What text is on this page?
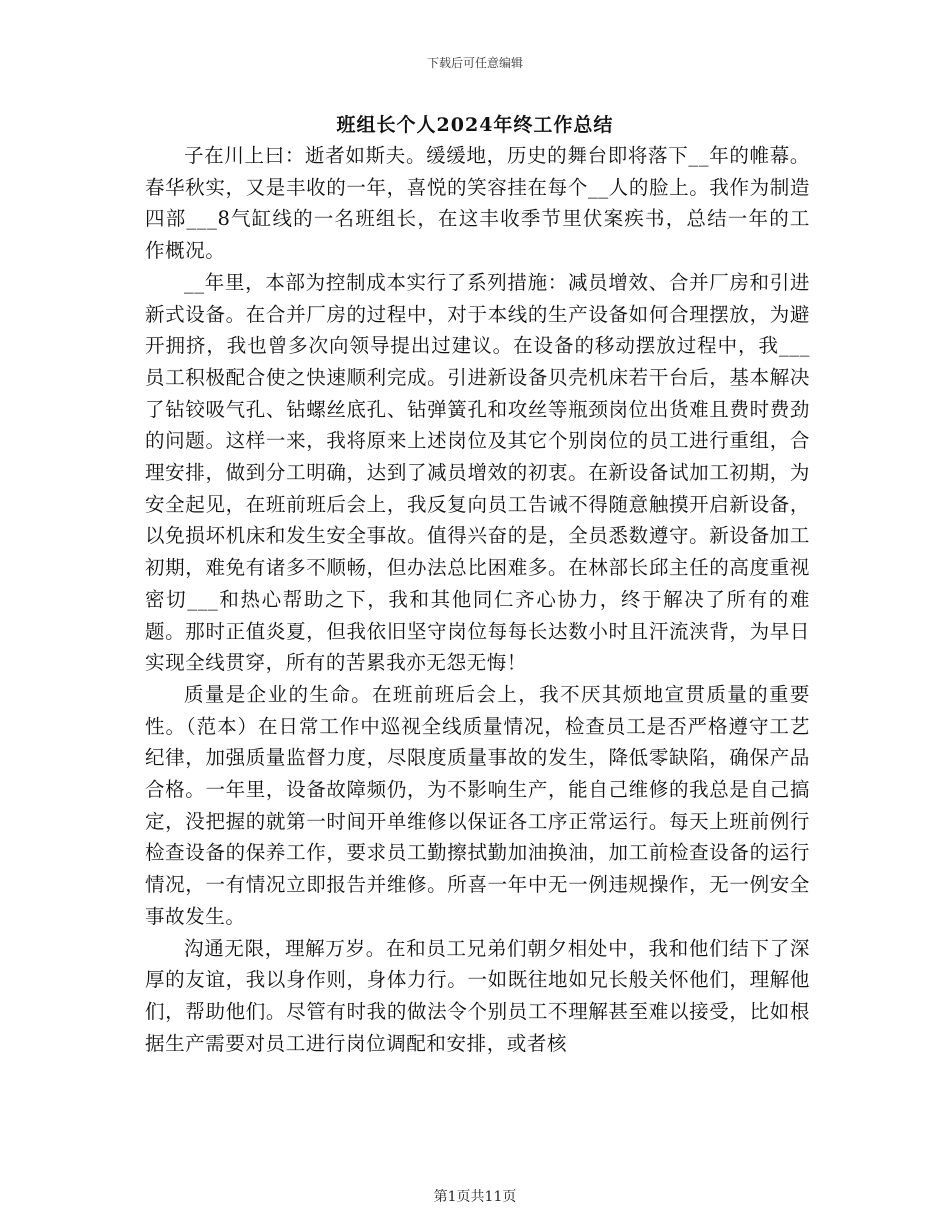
下载后可任意编辑
班组长个人2024年终工作总结

子在川上曰：逝者如斯夫。缓缓地，历史的舞台即将落下__年的帷幕。春华秋实，又是丰收的一年，喜悦的笑容挂在每个__人的脸上。我作为制造四部___8气缸线的一名班组长，在这丰收季节里伏案疾书，总结一年的工作概况。

__年里，本部为控制成本实行了系列措施：减员增效、合并厂房和引进新式设备。在合并厂房的过程中，对于本线的生产设备如何合理摆放，为避开拥挤，我也曾多次向领导提出过建议。在设备的移动摆放过程中，我___员工积极配合使之快速顺利完成。引进新设备贝壳机床若干台后，基本解决了钻铰吸气孔、钻螺丝底孔、钻弹簧孔和攻丝等瓶颈岗位出货难且费时费劲的问题。这样一来，我将原来上述岗位及其它个别岗位的员工进行重组，合理安排，做到分工明确，达到了减员增效的初衷。在新设备试加工初期，为安全起见，在班前班后会上，我反复向员工告诫不得随意触摸开启新设备，以免损坏机床和发生安全事故。值得兴奋的是，全员悉数遵守。新设备加工初期，难免有诸多不顺畅，但办法总比困难多。在林部长邱主任的高度重视密切___和热心帮助之下，我和其他同仁齐心协力，终于解决了所有的难题。那时正值炎夏，但我依旧坚守岗位每每长达数小时且汗流浃背，为早日实现全线贯穿，所有的苦累我亦无怨无悔！

质量是企业的生命。在班前班后会上，我不厌其烦地宣贯质量的重要性。（范本）在日常工作中巡视全线质量情况，检查员工是否严格遵守工艺纪律，加强质量监督力度，尽限度质量事故的发生，降低零缺陷，确保产品合格。一年里，设备故障频仍，为不影响生产，能自己维修的我总是自己搞定，没把握的就第一时间开单维修以保证各工序正常运行。每天上班前例行检查设备的保养工作，要求员工勤擦拭勤加油换油，加工前检查设备的运行情况，一有情况立即报告并维修。所喜一年中无一例违规操作，无一例安全事故发生。

沟通无限，理解万岁。在和员工兄弟们朝夕相处中，我和他们结下了深厚的友谊，我以身作则，身体力行。一如既往地如兄长般关怀他们，理解他们，帮助他们。尽管有时我的做法令个别员工不理解甚至难以接受，比如根据生产需要对员工进行岗位调配和安排，或者核

第1页共11页
